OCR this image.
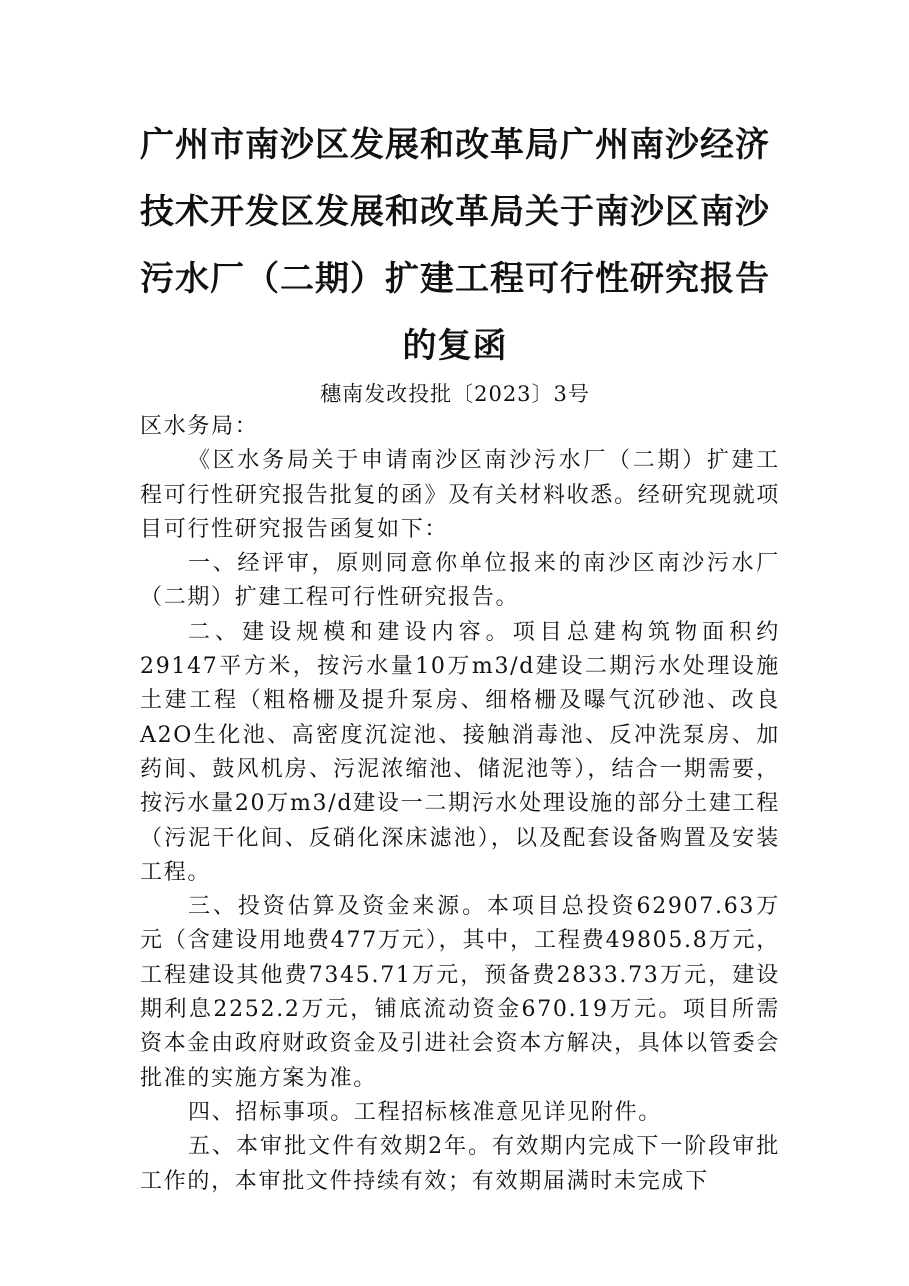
广州市南沙区发展和改革局广州南沙经济
技术开发区发展和改革局关于南沙区南沙
污水厂（二期）扩建工程可行性研究报告
的复函
穗南发改投批〔2023〕3号

区水务局：

《区水务局关于申请南沙区南沙污水厂（二期）扩建工程可行性研究报告批复的函》及有关材料收悉。经研究现就项目可行性研究报告函复如下：

一、经评审，原则同意你单位报来的南沙区南沙污水厂（二期）扩建工程可行性研究报告。

二、建设规模和建设内容。项目总建构筑物面积约29147平方米，按污水量10万m3/d建设二期污水处理设施土建工程（粗格栅及提升泵房、细格栅及曝气沉砂池、改良A2O生化池、高密度沉淀池、接触消毒池、反冲洗泵房、加药间、鼓风机房、污泥浓缩池、储泥池等），结合一期需要，按污水量20万m3/d建设一二期污水处理设施的部分土建工程（污泥干化间、反硝化深床滤池），以及配套设备购置及安装工程。

三、投资估算及资金来源。本项目总投资62907.63万元（含建设用地费477万元），其中，工程费49805.8万元，工程建设其他费7345.71万元，预备费2833.73万元，建设期利息2252.2万元，铺底流动资金670.19万元。项目所需资本金由政府财政资金及引进社会资本方解决，具体以管委会批准的实施方案为准。

四、招标事项。工程招标核准意见详见附件。

五、本审批文件有效期2年。有效期内完成下一阶段审批工作的，本审批文件持续有效；有效期届满时未完成下
